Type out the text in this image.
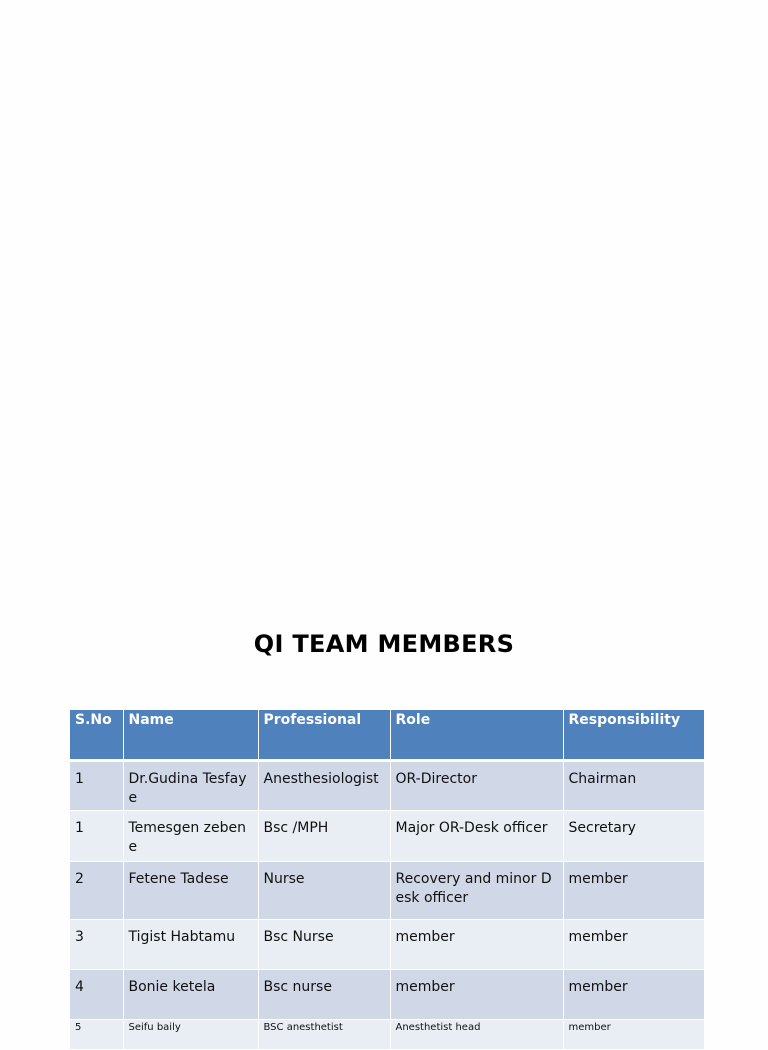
QI TEAM MEMBERS
S.No	Name	Professional	Role	Responsibility
1	Dr.Gudina Tesfaye	Anesthesiologist	OR-Director	Chairman
1	Temesgen zebene	Bsc /MPH	Major OR-Desk officer	Secretary
2	Fetene Tadese	Nurse	Recovery and minor Desk officer	member
3	Tigist Habtamu	Bsc Nurse	member	member
4	Bonie ketela	Bsc nurse	member	member
5	Seifu baily	BSC anesthetist	Anesthetist head	member
